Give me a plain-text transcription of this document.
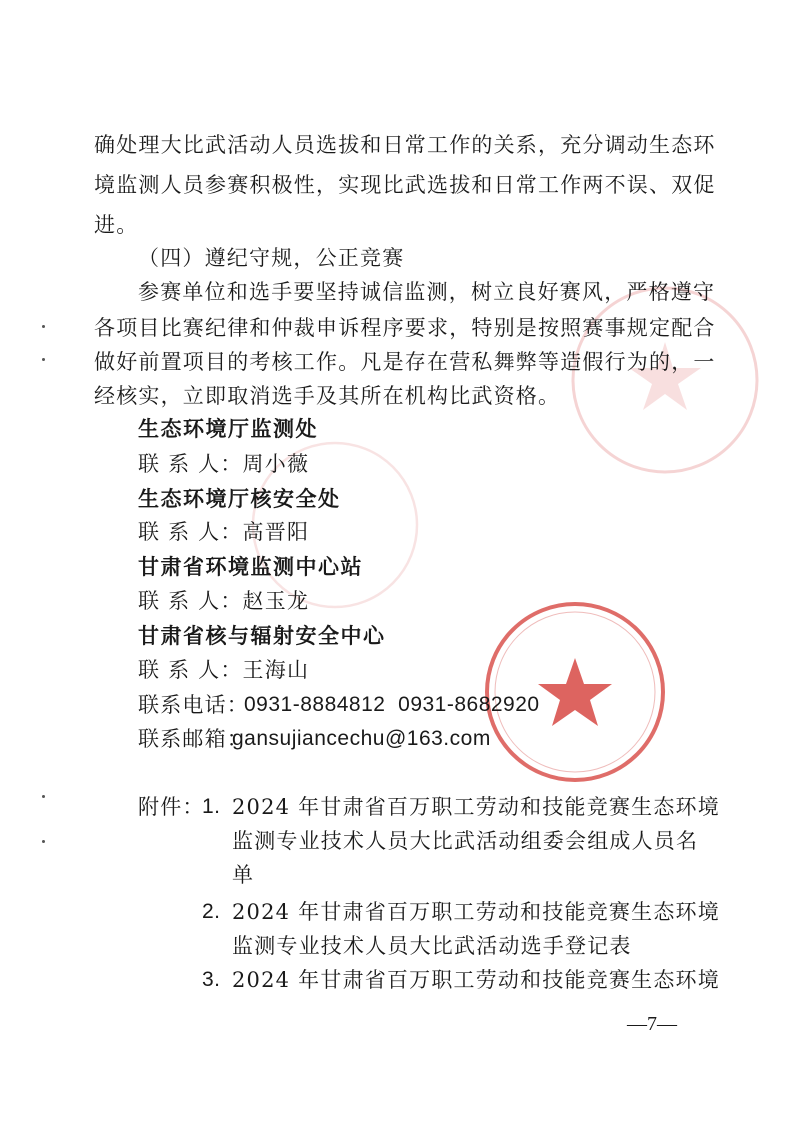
确处理大比武活动人员选拔和日常工作的关系，充分调动生态环
境监测人员参赛积极性，实现比武选拔和日常工作两不误、双促
进。
（四）遵纪守规，公正竞赛
参赛单位和选手要坚持诚信监测，树立良好赛风，严格遵守
各项目比赛纪律和仲裁申诉程序要求，特别是按照赛事规定配合
做好前置项目的考核工作。凡是存在营私舞弊等造假行为的，一
经核实，立即取消选手及其所在机构比武资格。
生态环境厅监测处
联 系 人：周小薇
生态环境厅核安全处
联 系 人：高晋阳
甘肃省环境监测中心站
联 系 人：赵玉龙
甘肃省核与辐射安全中心
联 系 人：王海山
联系电话：
0931-8884812  0931-8682920
联系邮箱：
gansujiancechu@163.com
附件：
1. 2024 年甘肃省百万职工劳动和技能竞赛生态环境
监测专业技术人员大比武活动组委会组成人员名
单
2. 2024 年甘肃省百万职工劳动和技能竞赛生态环境
监测专业技术人员大比武活动选手登记表
3. 2024 年甘肃省百万职工劳动和技能竞赛生态环境
—7—
